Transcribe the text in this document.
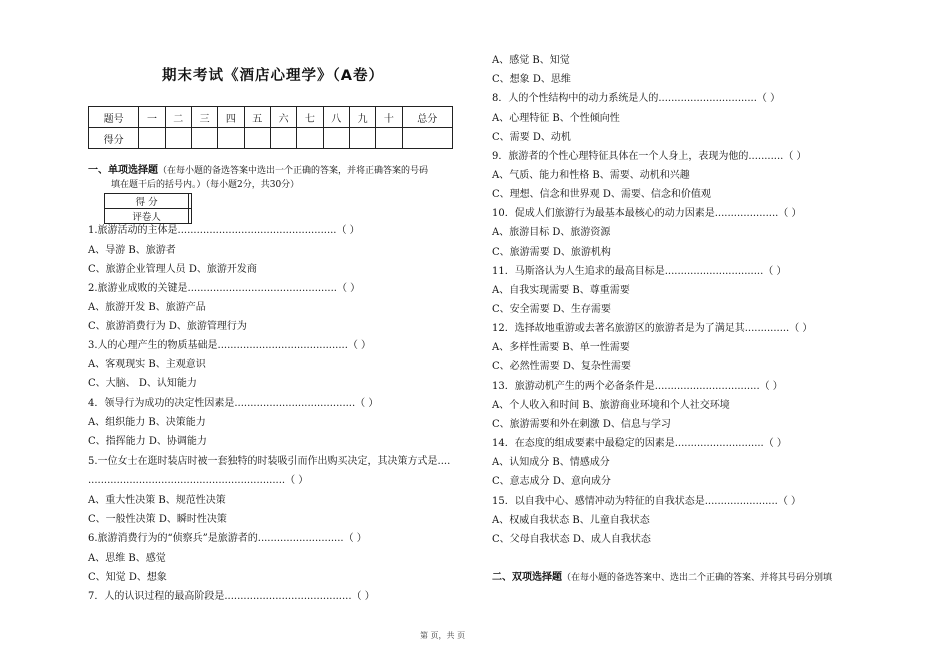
期末考试《酒店心理学》（A卷）
题号	一	二	三	四	五	六	七	八	九	十	总分
得分											
一、单项选择题（在每小题的备选答案中选出一个正确的答案，并将正确答案的号码
填在题干后的括号内。）（每小题2分，共30分）
得 分	
评卷人	
1.旅游活动的主体是..................................................（ ）
A、导游 B、旅游者
C、旅游企业管理人员 D、旅游开发商
2.旅游业成败的关键是...............................................（ ）
A、旅游开发 B、旅游产品
C、旅游消费行为 D、旅游管理行为
3.人的心理产生的物质基础是.........................................（ ）
A、客观现实 B、主观意识
C、大脑、 D、认知能力
4．领导行为成功的决定性因素是......................................（ ）
A、组织能力 B、决策能力
C、指挥能力 D、协调能力
5.一位女士在逛时装店时被一套独特的时装吸引而作出购买决定，其决策方式是....
..............................................................（ ）
A、重大性决策 B、规范性决策
C、一般性决策 D、瞬时性决策
6.旅游消费行为的“侦察兵”是旅游者的...........................（ ）
A、思维 B、感觉
C、知觉 D、想象
7．人的认识过程的最高阶段是........................................（ ）
A、感觉 B、知觉
C、想象 D、思维
8．人的个性结构中的动力系统是人的...............................（ ）
A、心理特征 B、个性倾向性
C、需要 D、动机
9．旅游者的个性心理特征具体在一个人身上，表现为他的...........（ ）
A、气质、能力和性格 B、需要、动机和兴趣
C、理想、信念和世界观 D、需要、信念和价值观
10．促成人们旅游行为最基本最核心的动力因素是....................（ ）
A、旅游目标 D、旅游资源
C、旅游需要 D、旅游机构
11．马斯洛认为人生追求的最高目标是...............................（ ）
A、自我实现需要 B、尊重需要
C、安全需要 D、生存需要
12．选择故地重游或去著名旅游区的旅游者是为了满足其..............（ ）
A、多样性需要 B、单一性需要
C、必然性需要 D、复杂性需要
13．旅游动机产生的两个必备条件是.................................（ ）
A、个人收入和时间 B、旅游商业环境和个人社交环境
C、旅游需要和外在刺激 D、信息与学习
14．在态度的组成要素中最稳定的因素是............................（ ）
A、认知成分 B、情感成分
C、意志成分 D、意向成分
15．以自我中心、感情冲动为特征的自我状态是.......................（ ）
A、权威自我状态 B、儿童自我状态
C、父母自我状态 D、成人自我状态
二、双项选择题（在每小题的备选答案中、选出二个正确的答案、并将其号码分别填
第 页，共 页
